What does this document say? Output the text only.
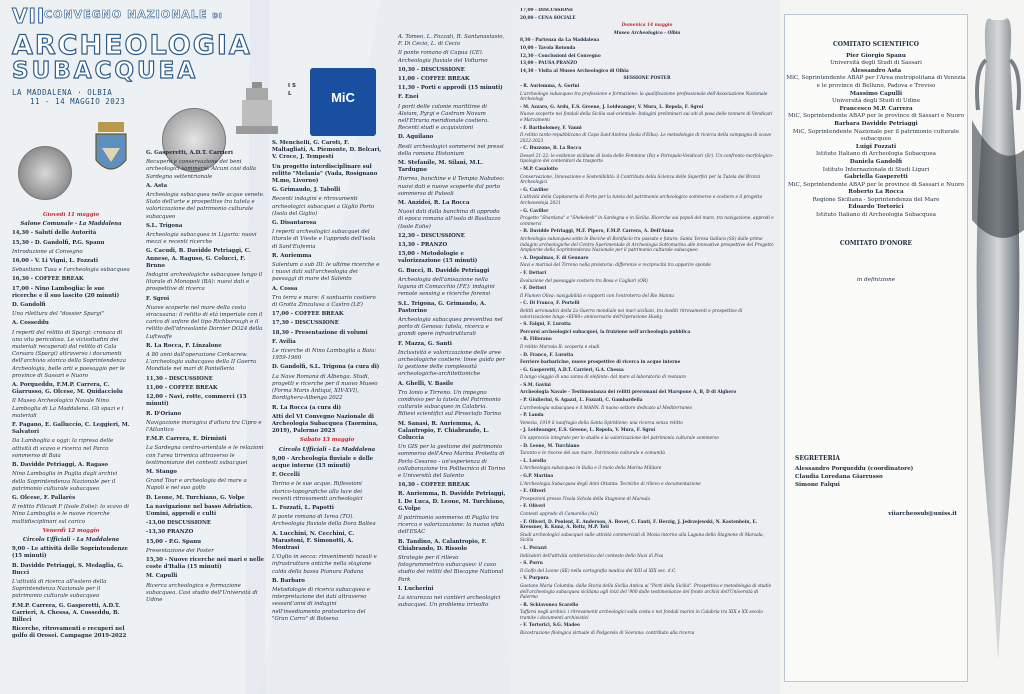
VII
CONVEGNO NAZIONALE DI
ARCHEOLOGIA
SUBACQUEA
LA MADDALENA · OLBIA
11 - 14 MAGGIO 2023
I S L	MiC

Giovedì 11 maggio

Salone Comunale - La Maddalena

14,30 - Saluti delle Autorità

15,30 - D. Gandolfi, P.G. Spanu

Introduzione al Convegno

16,00 - V. Li Vigni, L. Fozzati

Sebastiano Tusa e l'archeologia subacquea

16,30 - COFFEE BREAK

17,00 - Nino Lamboglia: le sue ricerche e il suo lascito (20 minuti)

D. Gandolfi

Una rilettura del "dossier Spargi"

A. Cosseddu

I reperti del relitto di Spargi: cronaca di una vita pericolosa. Le vicissitudini dei materiali recuperati dal relitto di Cala Corsara (Spargi) attraverso i documenti dell'archivio storico della Soprintendenza Archeologia, belle arti e paesaggio per le province di Sassari e Nuoro

A. Porqueddu, F.M.P. Carrera, C. Giarrusso, G. Olcese, M. Quidacciolu

Il Museo Archeologico Navale Nino Lamboglia di La Maddalena. Gli spazi e i materiali

F. Pagano, E. Galluccio, C. Leggieri, M. Salvatori

Da Lamboglia a oggi: la ripresa delle attività di scavo e ricerca nel Parco sommerso di Baia

B. Davidde Petriaggi, A. Ragaso

Nino Lamboglia in Puglia dagli archivi della Soprintendenza Nazionale per il patrimonio culturale subacqueo

G. Olcese, F. Pallarès

Il relitto Filicudi F (Isole Eolie): lo scavo di Nino Lamboglia e le nuove ricerche multidisciplinari sul carico

Venerdì 12 maggio

Circolo Ufficiali - La Maddalena

9,00 - Le attività delle Soprintendenze (15 minuti)

B. Davidde Petriaggi, S. Medaglia, G. Bucci

L'attività di ricerca all'estero della Soprintendenza Nazionale per il patrimonio culturale subacqueo

F.M.P. Carrera, G. Gasperetti, A.D.T. Carrieri, A. Chessa, A. Cosseddu, B. Billeci

Ricerche, ritrovamenti e recuperi nel golfo di Orosei. Campagne 2019-2022

G. Gasperetti, A.D.T. Carrieri

Recupero e conservazione dei beni archeologici sommersi. Alcuni casi dalla Sardegna settentrionale

A. Asta

Archeologia subacquea nelle acque venete. Stato dell'arte e prospettive tra tutela e valorizzazione del patrimonio culturale subacqueo

S.L. Trigona

Archeologia subacquea in Liguria: nuovi mezzi e recenti ricerche

G. Cacudi, B. Davidde Petriaggi, C. Annese, A. Raguso, G. Colucci, F. Bruno

Indagini archeologiche subacquee lungo il litorale di Monopoli (BA): nuovi dati e prospettive di ricerca

F. Sgroi

Nuove scoperte nel mare della costa siracusana: il relitto di età imperiale con il carico di anfore del tipo Richborough e il relitto dell'idrovolante Dornier DO24 della Luftwaffe

R. La Rocca, F. Linzalone

A 80 anni dall'operazione Corkscrew. L'archeologia subacquea della II Guerra Mondiale nei mari di Pantelleria

11,30 - DISCUSSIONE

11,00 - COFFEE BREAK

12,00 - Navi, rotte, commerci (15 minuti)

R. D'Oriano

Navigazione moragica d'altura tra Cipro e l'Atlantico

F.M.P. Carrera, E. Dirminti

La Sardegna centro-orientale e le relazioni con l'area tirrenica attraverso le testimonianze dei contesti subacquei

M. Stango

Grand Tour e archeologia del mare a Napoli e nel suo golfo

D. Leone, M. Turchiano, G. Volpe

La navigazione nel basso Adriatico. Uomini, approdi e culti

-13,00 DISCUSSIONE

-13,30 PRANZO

15,00 - P.G. Spanu

Presentazione dei Poster

15,30 - Nuove ricerche nei mari e nelle coste d'Italia (15 minuti)

M. Capulli

Ricerca archeologica e formazione subacquea. Casi studio dell'Università di Udine

S. Menchelli, G. Caroti, F. Maltagliati, A. Piemonte, D. Belcari, V. Croce, J. Tempesti

Un progetto interdisciplinare sul relitto "Melania" (Vada, Rosignano M.mo, Livorno)

G. Grimaudo, J. Tabolli

Recenti indagini e ritrovamenti archeologici subacquei a Giglio Porto (Isola del Giglio)

G. Disantarosa

I reperti archeologici subacquei del litorale di Vieste e l'approdo dell'isola di Sant'Eufemia

R. Auriemma

Salentum a sub III: le ultime ricerche e i nuovi dati sull'archeologia dei paesaggi di mare del Salento

A. Cossa

Tra terra e mare: il santuario costiero di Grotta Zinzulusa a Castro (LE)

17,00 - COFFEE BREAK

17,30 - DISCUSSIONE

18,30 - Presentazione di volumi

F. Avilia

Le ricerche di Nino Lamboglia a Baia: 1959-1960

D. Gandolfi, S.L. Trigona (a cura di)

La Nave Romana di Albenga. Studi, progetti e ricerche per il nuovo Museo (Forma Maris Antiqui, XIV-XVI), Bordighera-Albenga 2022

R. La Rocca (a cura di)

Atti del VI Convegno Nazionale di Archeologia Subacquea (Taormina, 2019), Palermo 2023

Sabato 13 maggio

Circolo Ufficiali - La Maddalena

9,00 - Archeologia fluviale e delle acque interne (15 minuti)

F. Occelli

Torino e le sue acque. Riflessioni storico-topografiche alla luce dei recenti ritrovamenti archeologici

L. Fozzati, L. Papotti

Il ponte romano di Ivrea (TO). Archeologia fluviale della Dora Baltea

A. Lucchini, N. Cecchini, C. Marastoni, F. Simonotti, A. Montrasi

L'Oglio in secca: rinvenimenti navali e infrastrutture antiche nella stagione calda della bassa Pianura Padana

B. Barbaro

Metodologie di ricerca subacquea e interpretazione dei dati attraverso sessant'anni di indagini nell'insediamento protostorico del "Gran Carro" di Bolsena

A. Tomeo, L. Fozzati, R. Santanastasio, F. Di Cecio, L. di Cecio

Il ponte romano di Capua (CE). Archeologia fluviale del Volturno

10,30 - DISCUSSIONE

11,00 - COFFEE BREAK

11,30 - Porti e approdi (15 minuti)

F. Enei

I porti delle colonie marittime di Alsium, Pyrgi e Castrum Novum nell'Etruria meridionale costiera. Recenti studi e acquisizioni

D. Aquilano

Resti archeologici sommersi nei pressi della romana Histonium

M. Stefanile, M. Silani, M.L. Tardugno

Horrea, banchine e il Tempio Nabateo: nuovi dati e nuove scoperte dal porto sommerso di Puteoli

M. Anzidei, R. La Rocca

Nuovi dati dalla banchina di approdo di epoca romana all'isola di Basiluzzo (Isole Eolie)

12,30 - DISCUSSIONE

13,30 - PRANZO

15,00 - Metodologie e valorizzazione (15 minuti)

G. Bucci, B. Davidde Petriaggi

Archeologia dell'anisazione nella laguna di Comacchio (FE): indagini remote sensing e ricerche forensi

S.L. Trigona, G. Grimaudo, A. Pastorino

Archeologia subacquea preventiva nel porto di Genova: tutela, ricerca e grandi opere infrastrutturali

F. Mazza, G. Santi

Inclusività e valorizzazione delle aree archeologiche costiere: linee guida per la gestione delle complessità archeologiche-architettoniche

A. Ghelli, V. Basile

Tra Ionio e Tirreno. Un impegno condiviso per la tutela del Patrimonio culturale subacqueo in Calabria. Rilievi scientifici sul Pirosciafo Torino

M. Sanasi, R. Auriemma, A. Calantropio, F. Chiabrando, L. Coluccia

Un GIS per la gestione del patrimonio sommerso dell'Area Marina Protetta di Porto Cesareo - un'esperienza di collaborazione tra Politecnico di Torino e Università del Salento

16,30 - COFFEE BREAK

R. Auriemma, B. Davidde Petriaggi, I. De Luca, D. Leone, M. Turchiano, G.Volpe

Il patrimonio sommerso di Puglia tra ricerca e valorizzazione: la nuova sfida dell'ESAC

B. Tandino, A. Calantropio, F. Chiabrando, D. Rissolo

Strategie per il rilievo fotogrammetrico subacqueo: il caso studio dei relitti del Biscayne National Park

I. Lucherini

La sicurezza nei cantieri archeologici subacquei. Un problema irrisolto

17,00 - DISCUSSIONE

20,00 - CENA SOCIALE

Domenica 14 maggio

Museo Archeologico - Olbia

8,30 - Partenza da La Maddalena

10,00 - Tavola Rotonda

12,30 - Conclusioni del Convegno

13,00 - PAUSA PRANZO

14,30 - Visita al Museo Archeologico di Olbia

SESSIONE POSTER

- R. Auriemma, A. Gorini

L'archeologo subacqueo tra professione e formazione: la qualificazione professionale dell'Associazione Nazionale Archeologi

- M. Azzaro, G. Ardu, E.S. Greene, J. Leidwanger, V. Mura, L. Repola, F. Sgroi

Nuove scoperte nei fondali della Sicilia sud-orientale: Indagini preliminari sui siti di posa delle tonnare di Vendicari e Marzamemi

- F. Bartholomey, F. Vanni

Il relitto tardo-repubblicano di Capo Sant'Andrea (Isola d'Elba). Le metodologie di ricerca della campagna di scavo 2022-2023

- C. Buzzone, R. La Rocca

Dessel 21-22: le evidenze siciliane di Isola delle Femmine (Pa) e Portopalo-Vendicari (Sr). Un confronto morfologico-tipologico dei contenitori da trasporto

- M.P. Casalotto

Conservazione, Innovazione e Sostenibilità: il Contributo della Scienza delle Superfici per la Tutela dei Bronzi Archeologici

- G. Cavilier

L'attività della Capitaneria di Porto per la tutela del patrimonio archeologico sommerso e costiero e il progetto Archeoesteja 2021

- G. Caviller

Progetto "Shardana" e "Shekelesh" in Sardegna e in Sicilia. Ricerche sui popoli del mare, tra navigazione, approdi e commerci

- B. Davidde Petriaggi, M.F. Pipero, F.M.P. Carrera, A. Dell'Anna

Archeologia subacquea sotto le Bocche di Bonifacio tra passato e futuro: Santa Teresa Gallura (SS) dalle prime indagini archeologiche del Centro Sperimentale di Archeologia Sottomarina alle innovative prospettive del Progetto Ampliorite della Soprintendenza Nazionale per il patrimonio culturale subacqueo

- A. Depalmas, F. di Gennaro

Navi e marinai del Tirreno nella preistoria: differenze e reciprocità tra apparire sponde

- F. Dettori

Evoluzione del paesaggio costiero tra Bosa e Cagliari (OR)

- F. Dettori

Il Fiumen Oliva: navigabilità e rapporti con l'entroterra del Rio Mannu

- C. Di Franco, F. Portelli

Relitti aeronautici della 2a Guerra mondiale nei mari siciliani, tra inediti ritrovamenti e prospettive di valorizzazione lungo «EF80» anniversario dell'Operazione Husky

- S. Falqui, F. Lurotta

Percorsi archeologici subacquei, la fruizione nell'archeologia pubblica

- R. Filiorano

Il relitto Marzola II: scoperta e studi

- D. Franco, F. Lurotta

Ferriere barbaricine, nuove prospettive di ricerca in acque interne

- G. Gasperetti, A.D.T. Carrieri, G.A. Chessa

Il lungo viaggio di una zanna di elefante: dal mare al laboratorio di restauro

- S.M. Gavini

Archeologia Navale - Testimonianza dei relitti preromani del Marspone A, B, D di Alghero

- P. Giulierini, S. Agazzi, L. Fozzati, C. Gambardella

L'archeologia subacquea e il MANN. Il nuovo settore dedicato al Mediterraneo

- P. Landa

Venezia, 1919 il naufragio della Santa Spiridione: una ricerca senza relitto

- J. Leidwanger, E.S. Greene, L. Repola, V. Mura, F. Sgroi

Un approccio integrato per lo studio e la valorizzazione del patrimonio culturale sommerso

- D. Leone, M. Turchiano

Taranto e le risorse del suo mare. Patrimonio culturale e comunità

- L. Lerella

L'Archeologia subacquea in Italia e il ruolo della Marina Militare

- G.P. Martino

L'Archeologia Subacquea degli Anni Ottanta: Tecniche di rilievo e documentazione

- E. Oliverl

Prospezioni presso l'Isola Schola della Stagnone di Marsala

- F. Oliverl

Contesti approdo di Camarella (AG)

- F. Oliverl, D. Poulent, E. Anderson, A. Bovet, C. Fanti, F. Herzig, J. Jedrzejewski, N. Kastenbein, E. Kressner, R. Kunz, A. Reitz, M.P. Toti

Studi archeologici subacquei sulle attività commerciali di Mozia intorno alla Laguna dello Stagnone di Marsala, Sicilia

- L. Perazzi

Indicatori dell'attività cantieristica del contesto dello Nuvi di Pisa

- S. Porru

Il Golfo del Leone (SE) nella cartografia nautica del XIII al XIX sec. d.C.

- V. Purpura

Gaetano Maria Columba: dalla Storia della Sicilia Antica ai "Porti della Sicilia". Prospettiva e metodologia di studio dell'archeologia subacquea siciliana agli inizi del '900 dalle testimonianze del fondo archivi dell'Università di Palermo

- R. Schiavonea Scarello

Taffarsi negli archivi: i ritrovamenti archeologici sulla costa e nei fondali marini in Calabria tra XIX e XX secolo tramite i documenti archivistici

- F. Tortorici, S.G. Madeo

Ricostruzione filologica virtuale di Podgorelo di Sovrana: contributo alla ricerca

COMITATO SCIENTIFICO
Pier Giorgio Spanu
Università degli Studi di Sassari
Alessandro Asta
MiC, Soprintendente ABAP per l'Area metropolitana di Venezia e le province di Belluno, Padova e Treviso
Massimo Capulli
Università degli Studi di Udine
Francesco M.P. Carrera
MiC, Soprintendente ABAP per le province di Sassari e Nuoro
Barbara Davidde Petriaggi
MiC, Soprintendente Nazionale per il patrimonio culturale subacqueo
Luigi Fozzati
Istituto Italiano di Archeologia Subacquea
Daniela Gandolfi
Istituto Internazionale di Studi Liguri
Gabriella Gasperetti
MiC, Soprintendente ABAP per le province di Sassari e Nuoro
Roberto La Rocca
Regione Siciliana - Soprintendenza del Mare
Edoardo Tortorici
Istituto Italiano di Archeologia Subacquea
COMITATO D'ONORE
in definizione
SEGRETERIA
Alessandro Porqueddu (coordinatore)
Claudia Loredana Giarrusso
Simone Falqui
viiarcheosub@uniss.it
